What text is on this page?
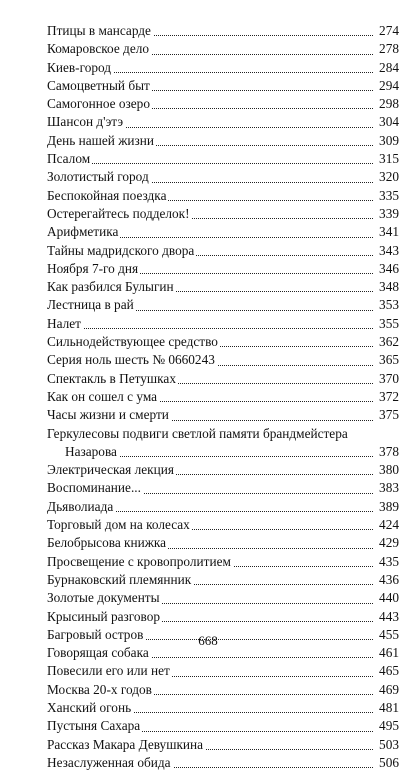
Птицы в мансарде	274
Комаровское дело	278
Киев-город	284
Самоцветный быт	294
Самогонное озеро	298
Шансон д'этэ	304
День нашей жизни	309
Псалом	315
Золотистый город	320
Беспокойная поездка	335
Остерегайтесь подделок!	339
Арифметика	341
Тайны мадридского двора	343
Ноября 7-го дня	346
Как разбился Булыгин	348
Лестница в рай	353
Налет	355
Сильнодействующее средство	362
Серия ноль шесть № 0660243	365
Спектакль в Петушках	370
Как он сошел с ума	372
Часы жизни и смерти	375
Геркулесовы подвиги светлой памяти брандмейстера
Назарова	378
Электрическая лекция	380
Воспоминание...	383
Дьяволиада	389
Торговый дом на колесах	424
Белобрысова книжка	429
Просвещение с кровопролитием	435
Бурнаковский племянник	436
Золотые документы	440
Крысиный разговор	443
Багровый остров	455
Говорящая собака	461
Повесили его или нет	465
Москва 20-х годов	469
Ханский огонь	481
Пустыня Сахара	495
Рассказ Макара Девушкина	503
Незаслуженная обида	506
668
